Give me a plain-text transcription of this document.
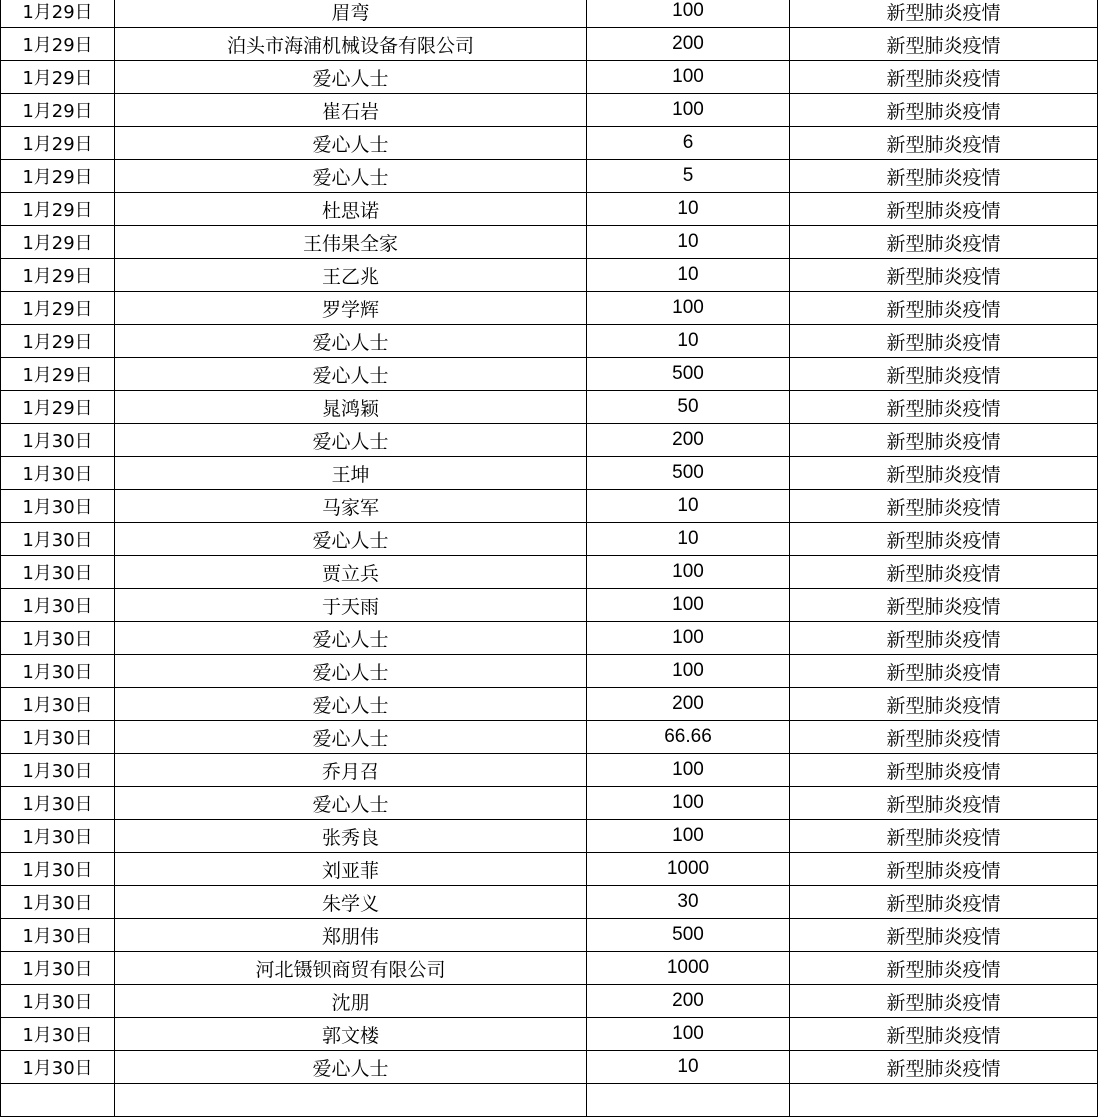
1月29日	眉弯	100	新型肺炎疫情
1月29日	泊头市海浦机械设备有限公司	200	新型肺炎疫情
1月29日	爱心人士	100	新型肺炎疫情
1月29日	崔石岩	100	新型肺炎疫情
1月29日	爱心人士	6	新型肺炎疫情
1月29日	爱心人士	5	新型肺炎疫情
1月29日	杜思诺	10	新型肺炎疫情
1月29日	王伟果全家	10	新型肺炎疫情
1月29日	王乙兆	10	新型肺炎疫情
1月29日	罗学辉	100	新型肺炎疫情
1月29日	爱心人士	10	新型肺炎疫情
1月29日	爱心人士	500	新型肺炎疫情
1月29日	晁鸿颖	50	新型肺炎疫情
1月30日	爱心人士	200	新型肺炎疫情
1月30日	王坤	500	新型肺炎疫情
1月30日	马家军	10	新型肺炎疫情
1月30日	爱心人士	10	新型肺炎疫情
1月30日	贾立兵	100	新型肺炎疫情
1月30日	于天雨	100	新型肺炎疫情
1月30日	爱心人士	100	新型肺炎疫情
1月30日	爱心人士	100	新型肺炎疫情
1月30日	爱心人士	200	新型肺炎疫情
1月30日	爱心人士	66.66	新型肺炎疫情
1月30日	乔月召	100	新型肺炎疫情
1月30日	爱心人士	100	新型肺炎疫情
1月30日	张秀良	100	新型肺炎疫情
1月30日	刘亚菲	1000	新型肺炎疫情
1月30日	朱学义	30	新型肺炎疫情
1月30日	郑朋伟	500	新型肺炎疫情
1月30日	河北镊钡商贸有限公司	1000	新型肺炎疫情
1月30日	沈朋	200	新型肺炎疫情
1月30日	郭文楼	100	新型肺炎疫情
1月30日	爱心人士	10	新型肺炎疫情
